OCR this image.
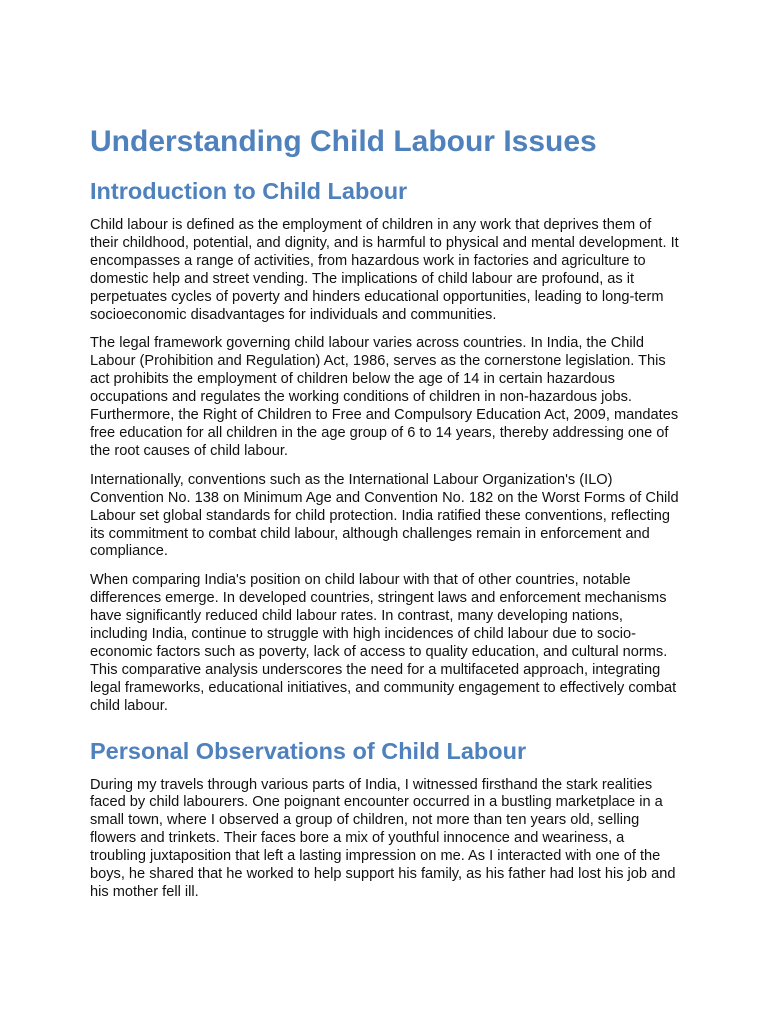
Understanding Child Labour Issues
Introduction to Child Labour

Child labour is defined as the employment of children in any work that deprives them of their childhood, potential, and dignity, and is harmful to physical and mental development. It encompasses a range of activities, from hazardous work in factories and agriculture to domestic help and street vending. The implications of child labour are profound, as it perpetuates cycles of poverty and hinders educational opportunities, leading to long-term socioeconomic disadvantages for individuals and communities.

The legal framework governing child labour varies across countries. In India, the Child Labour (Prohibition and Regulation) Act, 1986, serves as the cornerstone legislation. This act prohibits the employment of children below the age of 14 in certain hazardous occupations and regulates the working conditions of children in non-hazardous jobs. Furthermore, the Right of Children to Free and Compulsory Education Act, 2009, mandates free education for all children in the age group of 6 to 14 years, thereby addressing one of the root causes of child labour.

Internationally, conventions such as the International Labour Organization's (ILO) Convention No. 138 on Minimum Age and Convention No. 182 on the Worst Forms of Child Labour set global standards for child protection. India ratified these conventions, reflecting its commitment to combat child labour, although challenges remain in enforcement and compliance.

When comparing India's position on child labour with that of other countries, notable differences emerge. In developed countries, stringent laws and enforcement mechanisms have significantly reduced child labour rates. In contrast, many developing nations, including India, continue to struggle with high incidences of child labour due to socio-economic factors such as poverty, lack of access to quality education, and cultural norms. This comparative analysis underscores the need for a multifaceted approach, integrating legal frameworks, educational initiatives, and community engagement to effectively combat child labour.

Personal Observations of Child Labour

During my travels through various parts of India, I witnessed firsthand the stark realities faced by child labourers. One poignant encounter occurred in a bustling marketplace in a small town, where I observed a group of children, not more than ten years old, selling flowers and trinkets. Their faces bore a mix of youthful innocence and weariness, a troubling juxtaposition that left a lasting impression on me. As I interacted with one of the boys, he shared that he worked to help support his family, as his father had lost his job and his mother fell ill.
